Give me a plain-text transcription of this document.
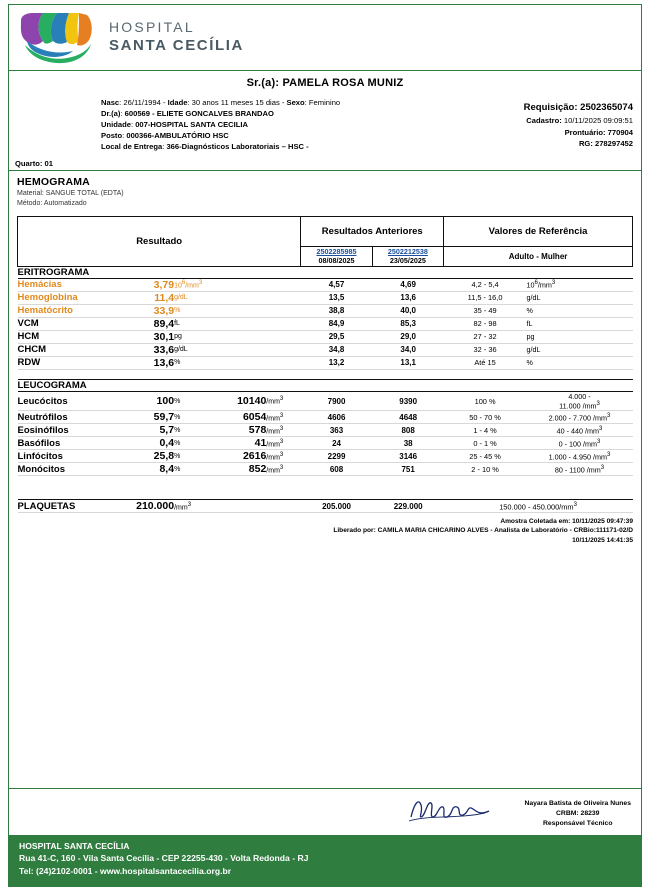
HOSPITAL
SANTA CECÍLIA
Sr.(a): PAMELA ROSA MUNIZ
Nasc: 26/11/1994 - Idade: 30 anos 11 meses 15 dias - Sexo: Feminino
Dr.(a): 600569 - ELIETE GONCALVES BRANDAO
Unidade: 007-HOSPITAL SANTA CECILIA
Posto: 000366-AMBULATÓRIO HSC
Local de Entrega: 366-Diagnósticos Laboratoriais – HSC -
Requisição: 2502365074
Cadastro: 10/11/2025 09:09:51
Prontuário: 770904
RG: 278297452
Quarto: 01
HEMOGRAMA
Material: SANGUE TOTAL (EDTA)
Método: Automatizado
Resultado					Resultados Anteriores		Valores de Referência	

2502285985
08/08/2025

2502212538
23/05/2025	Adulto - Mulher
ERITROGRAMA								
Hemácias	3,79	$10^6/mm^3$			4,57	4,69	4,2 - 5,4	$10^6/mm^3$
Hemoglobina	11,4	g/dL			13,5	13,6	11,5 - 16,0	g/dL
Hematócrito	33,9	%			38,8	40,0	35 - 49	%
VCM	89,4	fL			84,9	85,3	82 - 98	fL
HCM	30,1	pg			29,5	29,0	27 - 32	pg
CHCM	33,6	g/dL			34,8	34,0	32 - 36	g/dL
RDW	13,6	%			13,2	13,1	Até 15	%

LEUCOGRAMA								
Leucócitos	100	%	10140	$/mm^3$	7900	9390	100 %	4.000 -
11.000 $/mm^3$
Neutrófilos	59,7	%	6054	$/mm^3$	4606	4648	50 - 70 %	2.000 - 7.700 $/mm^3$
Eosinófilos	5,7	%	578	$/mm^3$	363	808	1 - 4 %	40 - 440 $/mm^3$
Basófilos	0,4	%	41	$/mm^3$	24	38	0 - 1 %	0 - 100 $/mm^3$
Linfócitos	25,8	%	2616	$/mm^3$	2299	3146	25 - 45 %	1.000 - 4.950 $/mm^3$
Monócitos	8,4	%	852	$/mm^3$	608	751	2 - 10 %	80 - 1100 $/mm^3$

PLAQUETAS	210.000	$/mm^3$			205.000	229.000	$150.000 - 450.000/mm^3$
Amostra Coletada em: 10/11/2025 09:47:39
Liberado por: CAMILA MARIA CHICARINO ALVES - Analista de Laboratório - CRBio:111171-02/D
10/11/2025 14:41:35
Nayara Batista de Oliveira Nunes
CRBM: 28239
Responsável Técnico
HOSPITAL SANTA CECÍLIA
Rua 41-C, 160 - Vila Santa Cecília - CEP 22255-430 - Volta Redonda - RJ
Tel: (24)2102-0001 - www.hospitalsantacecilia.org.br
